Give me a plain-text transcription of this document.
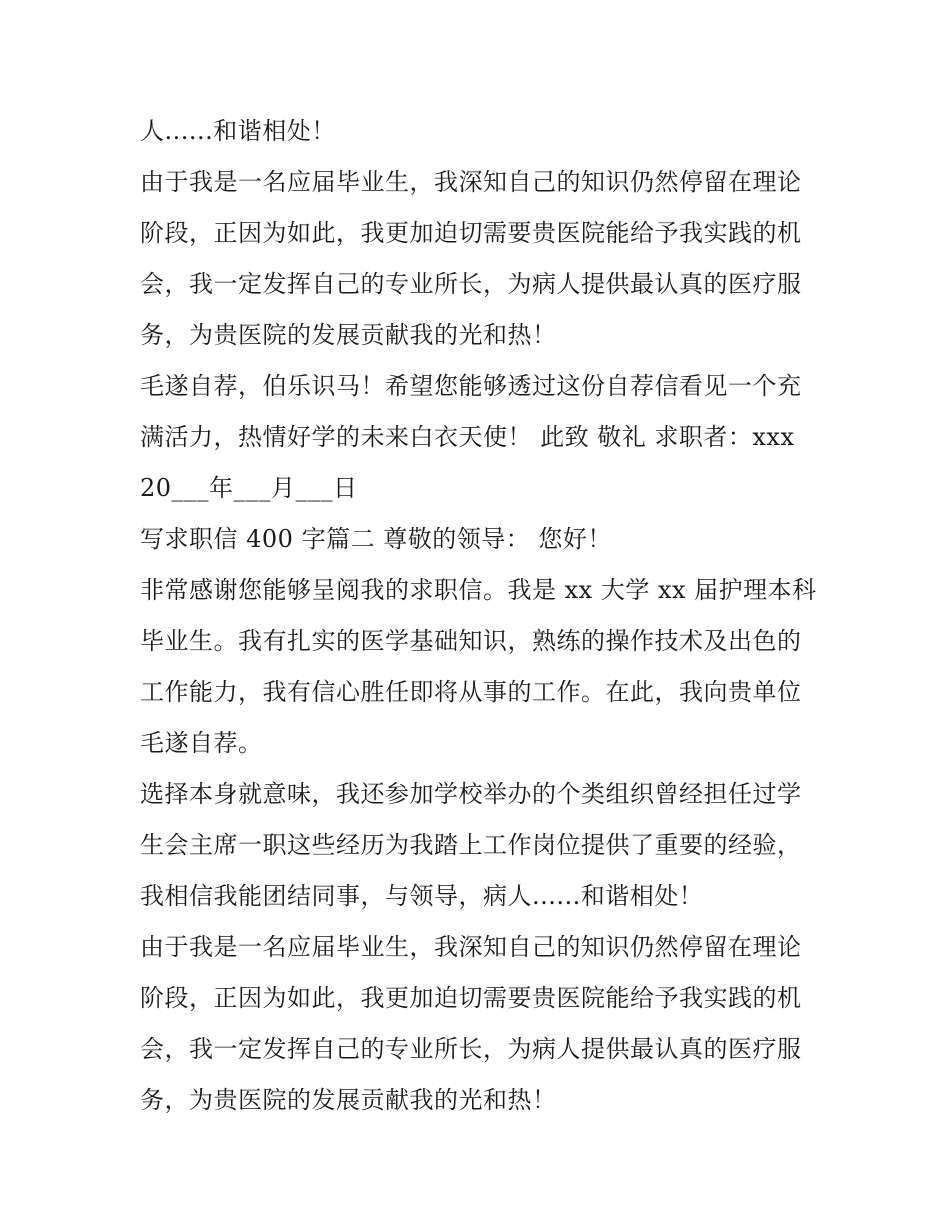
人......和谐相处！
由于我是一名应届毕业生，我深知自己的知识仍然停留在理论
阶段，正因为如此，我更加迫切需要贵医院能给予我实践的机
会，我一定发挥自己的专业所长，为病人提供最认真的医疗服
务，为贵医院的发展贡献我的光和热！
毛遂自荐，伯乐识马！希望您能够透过这份自荐信看见一个充
满活力，热情好学的未来白衣天使！ 此致 敬礼 求职者：xxx
20___年___月___日
写求职信 400 字篇二 尊敬的领导： 您好！
非常感谢您能够呈阅我的求职信。我是 xx 大学 xx 届护理本科
毕业生。我有扎实的医学基础知识，熟练的操作技术及出色的
工作能力，我有信心胜任即将从事的工作。在此，我向贵单位
毛遂自荐。
选择本身就意味，我还参加学校举办的个类组织曾经担任过学
生会主席一职这些经历为我踏上工作岗位提供了重要的经验，
我相信我能团结同事，与领导，病人......和谐相处！
由于我是一名应届毕业生，我深知自己的知识仍然停留在理论
阶段，正因为如此，我更加迫切需要贵医院能给予我实践的机
会，我一定发挥自己的专业所长，为病人提供最认真的医疗服
务，为贵医院的发展贡献我的光和热！
